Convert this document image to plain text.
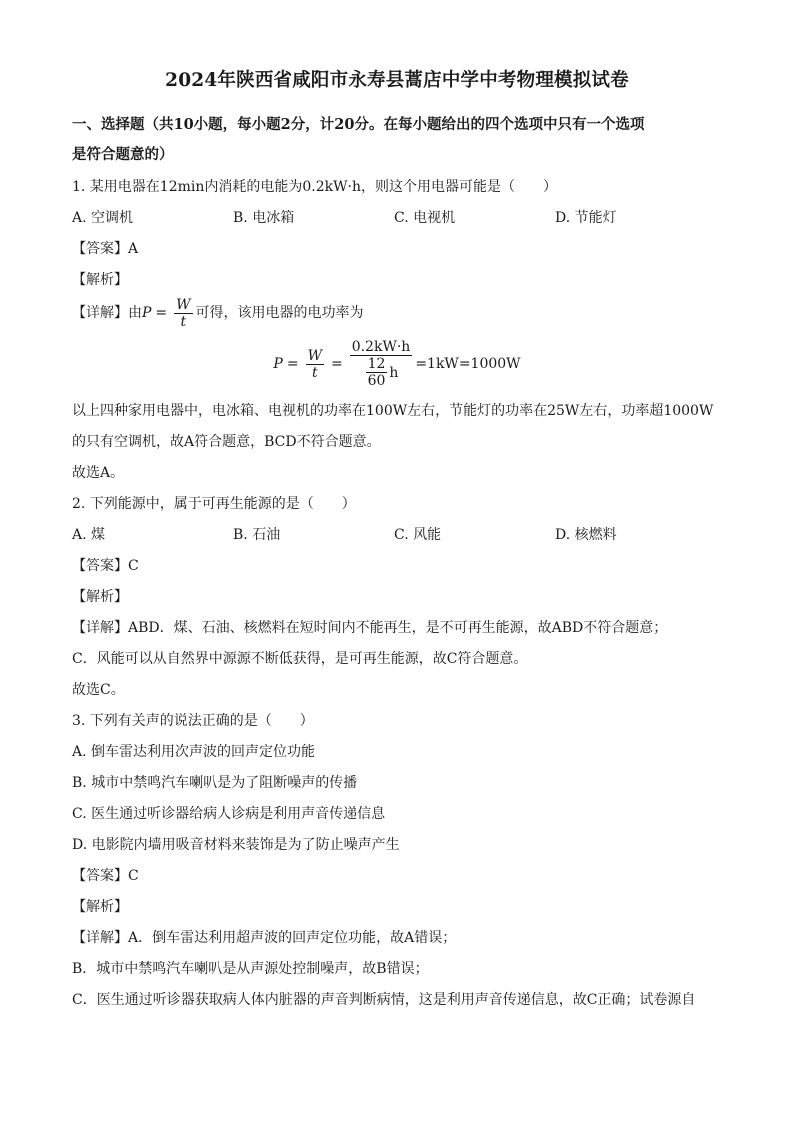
2024年陕西省咸阳市永寿县蒿店中学中考物理模拟试卷
一、选择题（共10小题，每小题2分，计20分。在每小题给出的四个选项中只有一个选项
是符合题意的）
1. 某用电器在12min内消耗的电能为0.2kW·h，则这个用电器可能是（　　）
A. 空调机	B. 电冰箱	C. 电视机	D. 节能灯
【答案】A
【解析】
【详解】由 $P = \frac{W}{t}$ 可得，该用电器的电功率为
$P = \frac{W}{t} = \frac{0.2kW\cdot h}{\frac{12}{60} h} =1kW=1000W$
以上四种家用电器中，电冰箱、电视机的功率在100W左右，节能灯的功率在25W左右，功率超1000W
的只有空调机，故A符合题意，BCD不符合题意。
故选A。
2. 下列能源中，属于可再生能源的是（　　）
A. 煤	B. 石油	C. 风能	D. 核燃料
【答案】C
【解析】
【详解】ABD．煤、石油、核燃料在短时间内不能再生，是不可再生能源，故ABD不符合题意；
C．风能可以从自然界中源源不断低获得，是可再生能源，故C符合题意。
故选C。
3. 下列有关声的说法正确的是（　　）
A. 倒车雷达利用次声波的回声定位功能
B. 城市中禁鸣汽车喇叭是为了阻断噪声的传播
C. 医生通过听诊器给病人诊病是利用声音传递信息
D. 电影院内墙用吸音材料来装饰是为了防止噪声产生
【答案】C
【解析】
【详解】A．倒车雷达利用超声波的回声定位功能，故A错误；
B．城市中禁鸣汽车喇叭是从声源处控制噪声，故B错误；
C．医生通过听诊器获取病人体内脏器的声音判断病情，这是利用声音传递信息，故C正确；试卷源自
